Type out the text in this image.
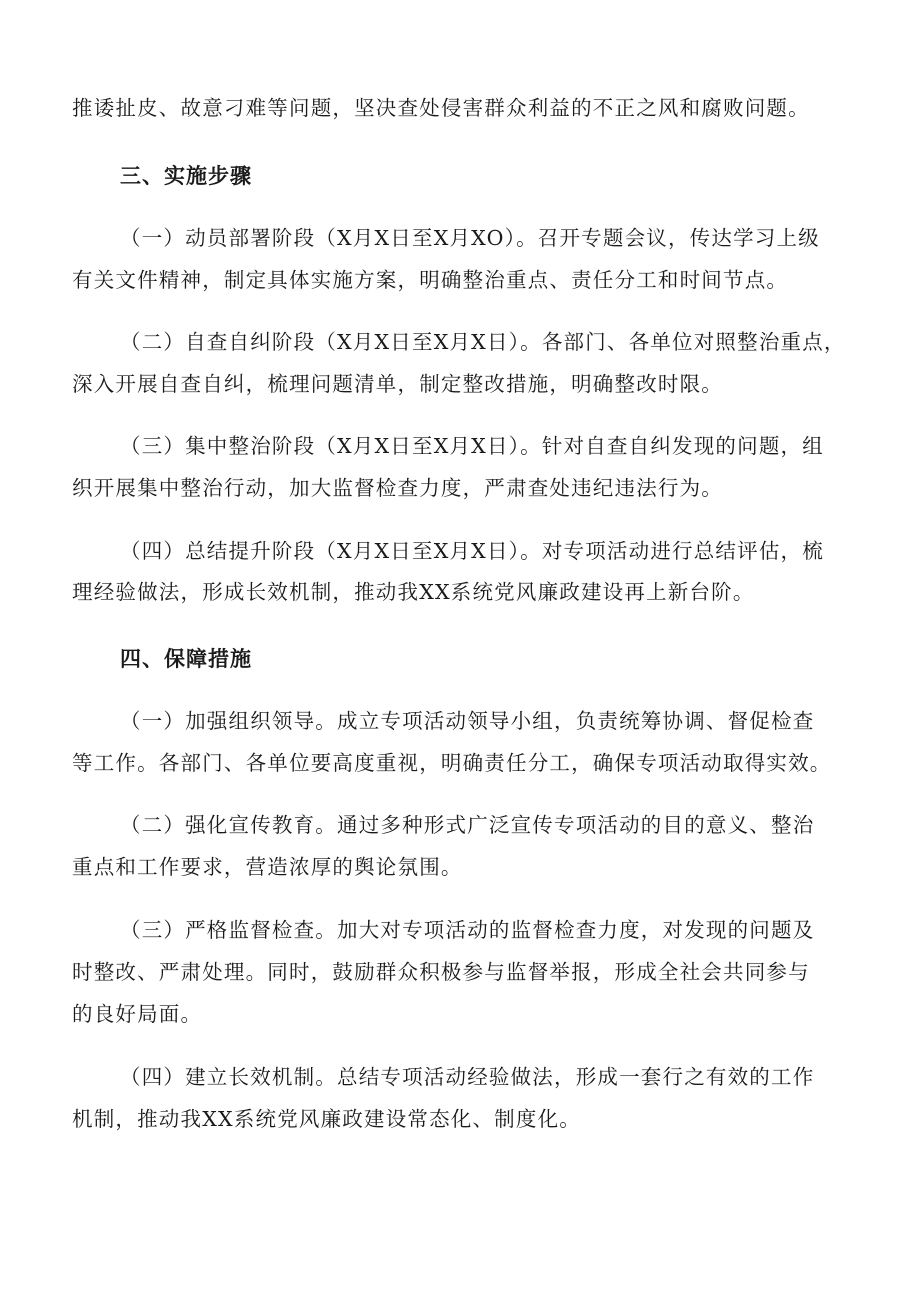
推诿扯皮、故意刁难等问题，坚决查处侵害群众利益的不正之风和腐败问题。
三、实施步骤
（一）动员部署阶段（X月X日至X月XO）。召开专题会议，传达学习上级
有关文件精神，制定具体实施方案，明确整治重点、责任分工和时间节点。
（二）自查自纠阶段（X月X日至X月X日）。各部门、各单位对照整治重点，
深入开展自查自纠，梳理问题清单，制定整改措施，明确整改时限。
（三）集中整治阶段（X月X日至X月X日）。针对自查自纠发现的问题，组
织开展集中整治行动，加大监督检查力度，严肃查处违纪违法行为。
（四）总结提升阶段（X月X日至X月X日）。对专项活动进行总结评估，梳
理经验做法，形成长效机制，推动我XX系统党风廉政建设再上新台阶。
四、保障措施
（一）加强组织领导。成立专项活动领导小组，负责统筹协调、督促检查
等工作。各部门、各单位要高度重视，明确责任分工，确保专项活动取得实效。
（二）强化宣传教育。通过多种形式广泛宣传专项活动的目的意义、整治
重点和工作要求，营造浓厚的舆论氛围。
（三）严格监督检查。加大对专项活动的监督检查力度，对发现的问题及
时整改、严肃处理。同时，鼓励群众积极参与监督举报，形成全社会共同参与
的良好局面。
（四）建立长效机制。总结专项活动经验做法，形成一套行之有效的工作
机制，推动我XX系统党风廉政建设常态化、制度化。
